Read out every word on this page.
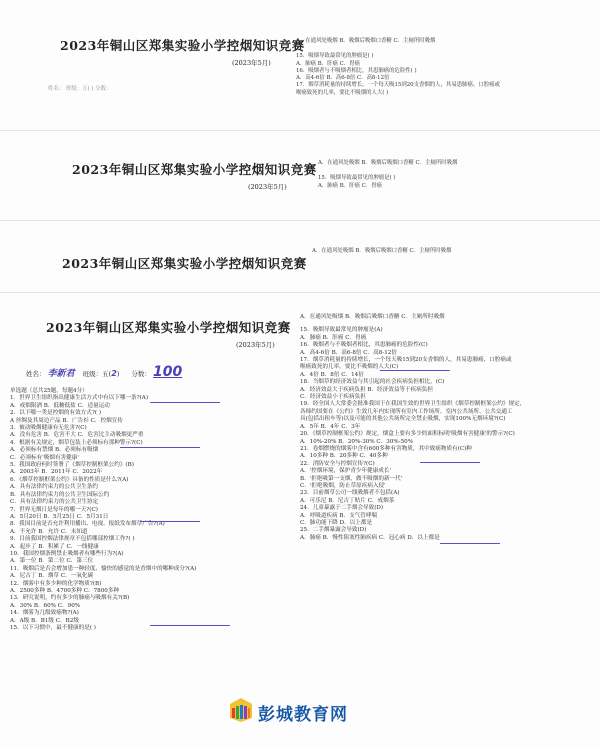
2023年铜山区郑集实验小学控烟知识竞赛
(2023年5月)
姓名： 班级：五( ) 分数：
A．在通风处吸烟 B．吸烟后吸烟口香糖 C．主厕所时吸烟
15．吸烟导致最常见的肿瘤是( )
A．肺癌 B．肝癌 C．胃癌
16．吸烟者与不吸烟者相比，其患肺癌的危险性( )
A．高4-6倍 B．高6-8倍 C．高8-12倍
17．烟草消耗量的持续增长，一个每天吸15到20支香烟的人，其易患肺癌、口腔癌或
喉癌致死的几率，要比不吸烟的人大( )
2023年铜山区郑集实验小学控烟知识竞赛
(2023年5月)
A．在通风处吸烟 B．吸烟后吸烟口香糖 C．主厕所时吸烟
15．吸烟导致最常见的肿瘤是( )
A．肺癌 B．肝癌 C．胃癌
2023年铜山区郑集实验小学控烟知识竞赛
A．在通风处吸烟 B．吸烟后吸烟口香糖 C．主厕所时吸烟
2023年铜山区郑集实验小学控烟知识竞赛
(2023年5月)
姓名： 李新君 班级：五(2) 分数： 100
单选题（总共25题，每题4分）
1．世界卫生组织指出健康生活方式中有以下哪一条?(A)
A．戒烟限酒 B．低糖低盐 C．适量运动
2．以下哪一类是控烟的有效方式?( )
A 丝绸及其周边产品 B．广告衫 C．控烟宣传
3．被动吸烟健康有无危害?(C)
A．没有危害 B．危害不大 C．危害比主动吸烟更严重
4．根据有关规定，烟草包装上必须标有那种警示?(C)
A．必须标有禁烟 B．必须标有吸烟
C．必须标有'吸烟有害健康'
5．我国政府何时签署了《烟草控制框架公约》(B)
A．2003年 B．2011年 C．2022年
6．《烟草控制框架公约》具备的性质是什么?(A)
A．具有法律约束力的公共卫生条约
B．具有法律约束力的公共卫生国际公约
C．具有法律约束力的公共卫生协定
7．世界无烟日是每年的哪一天?(C)
A．5月20日 B．5月25日 C．5月31日
8．我国目前是否允许利用播出、电视、报纸发布烟草广告?(A)
A．不允许 B．允许 C．未知道
9．目前我国控烟法律规章不包括哪部控烟工作?( )
A．起步了 B．积累了 C．一线健康
10．我国控烟条例禁止吸烟者有哪些行为?(A)
A．第一位 B．第二位 C．第三位
11．吸烟后是否会增加患一种轻度、愉快的感觉的是香烟中的哪种成分?(A)
A．尼古丁 B．烟草 C．一氧化碳
12．烟雾中有多少种的化学物质?(B)
A．2500多种 B．4700多种 C．7800多种
13．研究说明，约有多少的肺癌与吸烟有关?(B)
A．30% B．60% C．90%
14．烟雾为几级致癌物?(A)
A．A级 B．B1级 C．B2级
15．以下习惯中，最不健康的是( )
A．在通风处吸烟 B．吸烟后吸烟口香糖 C．主厕所时吸烟
15．吸烟导致最常见的肿瘤是(A)
A．肺癌 B．肝癌 C．胃癌
16．吸烟者与不吸烟者相比，其患肺癌的危险性(C)
A．高4-6倍 B．高6-8倍 C．高8-12倍
17．烟草消耗量的持续增长，一个每天吸15到20支香烟的人，其易患肺癌、口腔癌或
喉癌致死的几率，要比不吸烟的人大(C)
A．4倍 B．8倍 C．14倍
18．当烟草的经济效益与其引起的社会疾病负担相比，(C)
A．经济效益大于疾病负担 B．经济效益等于疾病负担
C．经济效益小于疾病负担
19．经全国人大常委会批准我国于在我国生效的世界卫生组织《烟草控制框架公约》规定，
各缔约国要在《公约》生效几年内实现所有室内工作场所、室内公共场所、公共交通工
具(包括出租车等)以及可能的其他公共场所完全禁止吸烟，实现100%无烟环境?(C)
A．5年 B．4年 C．3年
20．《烟草控制框架公约》规定，烟盒上要有多少的面积标明'吸烟有害健康'的警示?(C)
A．10%-20% B．20%-30% C．30%-50%
21．卷烟燃烧的烟雾中含有600多种有害物质，其中致癌物质有(C)种
A．10多种 B．20多种 C．40多种
22．消防安全与控烟宣传?(C)
A．'控烟环境，保护青少年健康成长'
B．'拒绝吸第一支烟，做不吸烟的新一代'
C．'拒绝吸烟，防止草原疾病入侵'
23．目前烟草公司一线吸烟者不包括(A)
A．可乐尼 B．尼古丁贴片 C．戒烟茶
24．儿童暴露于二手烟会导致(D)
A．呼吸道疾病 B．支气管哮喘
C．肺功能下降 D．以上都是
25．二手烟暴露会导致(D)
A．肺癌 B．慢性阻塞性肺疾病 C．冠心病 D．以上都是
彭城教育网
